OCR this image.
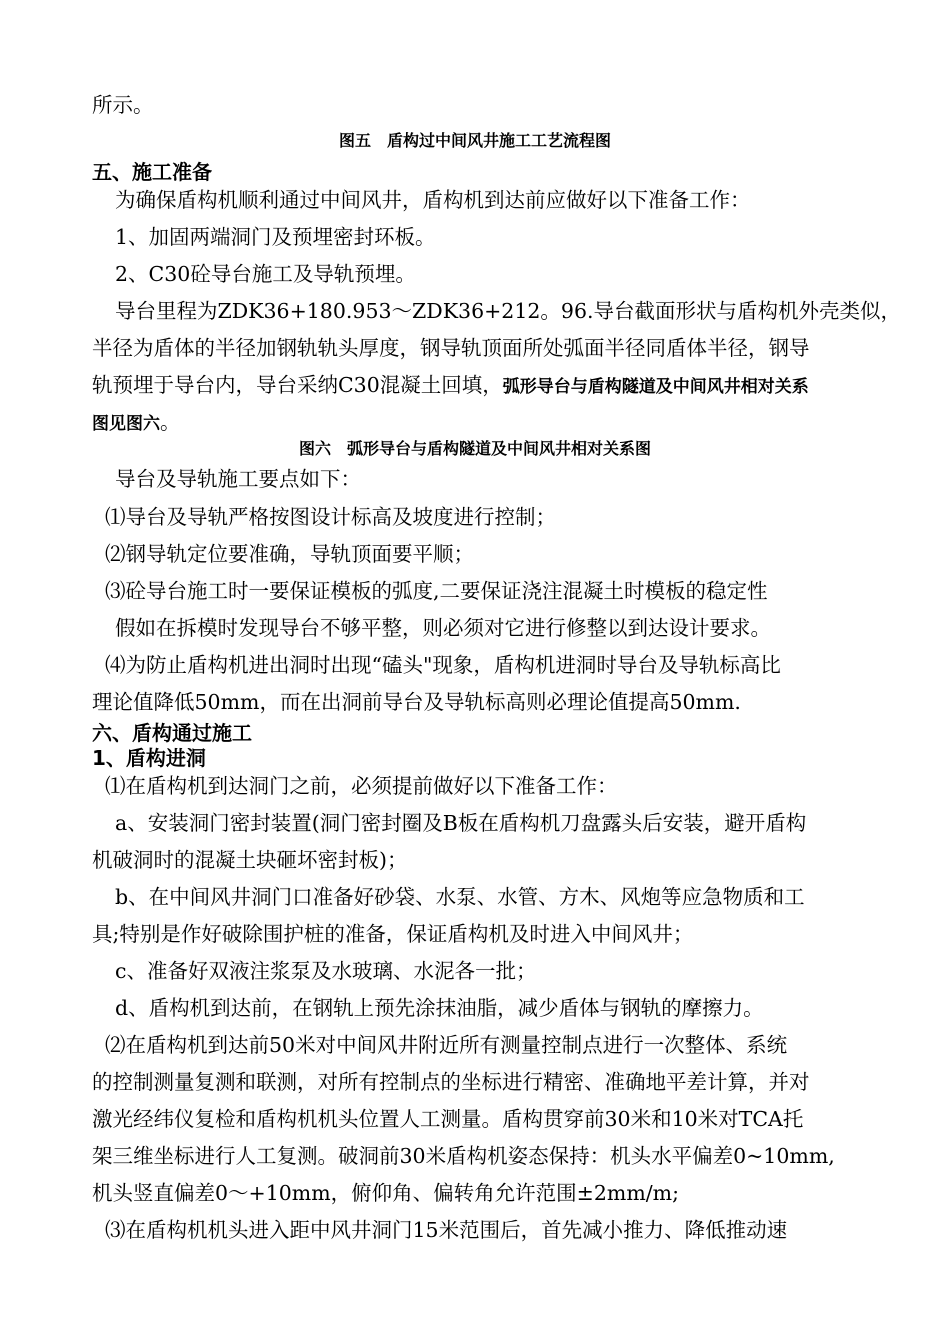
所示。
图五　盾构过中间风井施工工艺流程图
五、施工准备
为确保盾构机顺利通过中间风井，盾构机到达前应做好以下准备工作：
1、加固两端洞门及预埋密封环板。
2、C30砼导台施工及导轨预埋。
导台里程为ZDK36+180.953～ZDK36+212。96.导台截面形状与盾构机外壳类似，
半径为盾体的半径加钢轨轨头厚度，钢导轨顶面所处弧面半径同盾体半径，钢导
轨预埋于导台内，导台采纳C30混凝土回填，弧形导台与盾构隧道及中间风井相对关系
图见图六。
图六　弧形导台与盾构隧道及中间风井相对关系图
导台及导轨施工要点如下：
⑴导台及导轨严格按图设计标高及坡度进行控制；
⑵钢导轨定位要准确，导轨顶面要平顺；
⑶砼导台施工时一要保证模板的弧度,二要保证浇注混凝土时模板的稳定性
假如在拆模时发现导台不够平整，则必须对它进行修整以到达设计要求。
⑷为防止盾构机进出洞时出现“磕头"现象，盾构机进洞时导台及导轨标高比
理论值降低50mm，而在出洞前导台及导轨标高则必理论值提高50mm.
六、盾构通过施工
1、盾构进洞
⑴在盾构机到达洞门之前，必须提前做好以下准备工作：
a、安装洞门密封装置(洞门密封圈及B板在盾构机刀盘露头后安装，避开盾构
机破洞时的混凝土块砸坏密封板)；
b、在中间风井洞门口准备好砂袋、水泵、水管、方木、风炮等应急物质和工
具;特别是作好破除围护桩的准备，保证盾构机及时进入中间风井；
c、准备好双液注浆泵及水玻璃、水泥各一批；
d、盾构机到达前，在钢轨上预先涂抹油脂，减少盾体与钢轨的摩擦力。
⑵在盾构机到达前50米对中间风井附近所有测量控制点进行一次整体、系统
的控制测量复测和联测，对所有控制点的坐标进行精密、准确地平差计算，并对
激光经纬仪复检和盾构机机头位置人工测量。盾构贯穿前30米和10米对TCA托
架三维坐标进行人工复测。破洞前30米盾构机姿态保持：机头水平偏差0~10mm,
机头竖直偏差0～+10mm，俯仰角、偏转角允许范围±2mm/m;
⑶在盾构机机头进入距中风井洞门15米范围后，首先减小推力、降低推动速
